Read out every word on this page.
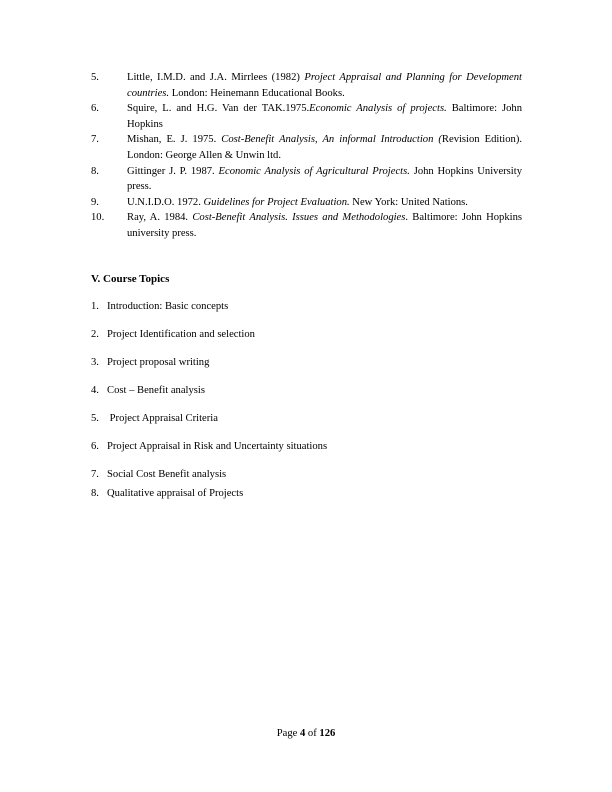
5.	Little, I.M.D. and J.A. Mirrlees (1982) Project Appraisal and Planning for Development countries. London: Heinemann Educational Books.
6.	Squire, L. and H.G. Van der TAK.1975.Economic Analysis of projects. Baltimore: John Hopkins
7.	Mishan, E. J. 1975. Cost-Benefit Analysis, An informal Introduction (Revision Edition). London: George Allen & Unwin ltd.
8.	Gittinger J. P. 1987. Economic Analysis of Agricultural Projects. John Hopkins University press.
9.	U.N.I.D.O. 1972. Guidelines for Project Evaluation. New York: United Nations.
10.	Ray, A. 1984. Cost-Benefit Analysis. Issues and Methodologies. Baltimore: John Hopkins university press.
V. Course Topics
1. Introduction: Basic concepts
2. Project Identification and selection
3. Project proposal writing
4. Cost – Benefit analysis
5. Project Appraisal Criteria
6. Project Appraisal in Risk and Uncertainty situations
7. Social Cost Benefit analysis
8. Qualitative appraisal of Projects
Page 4 of 126
